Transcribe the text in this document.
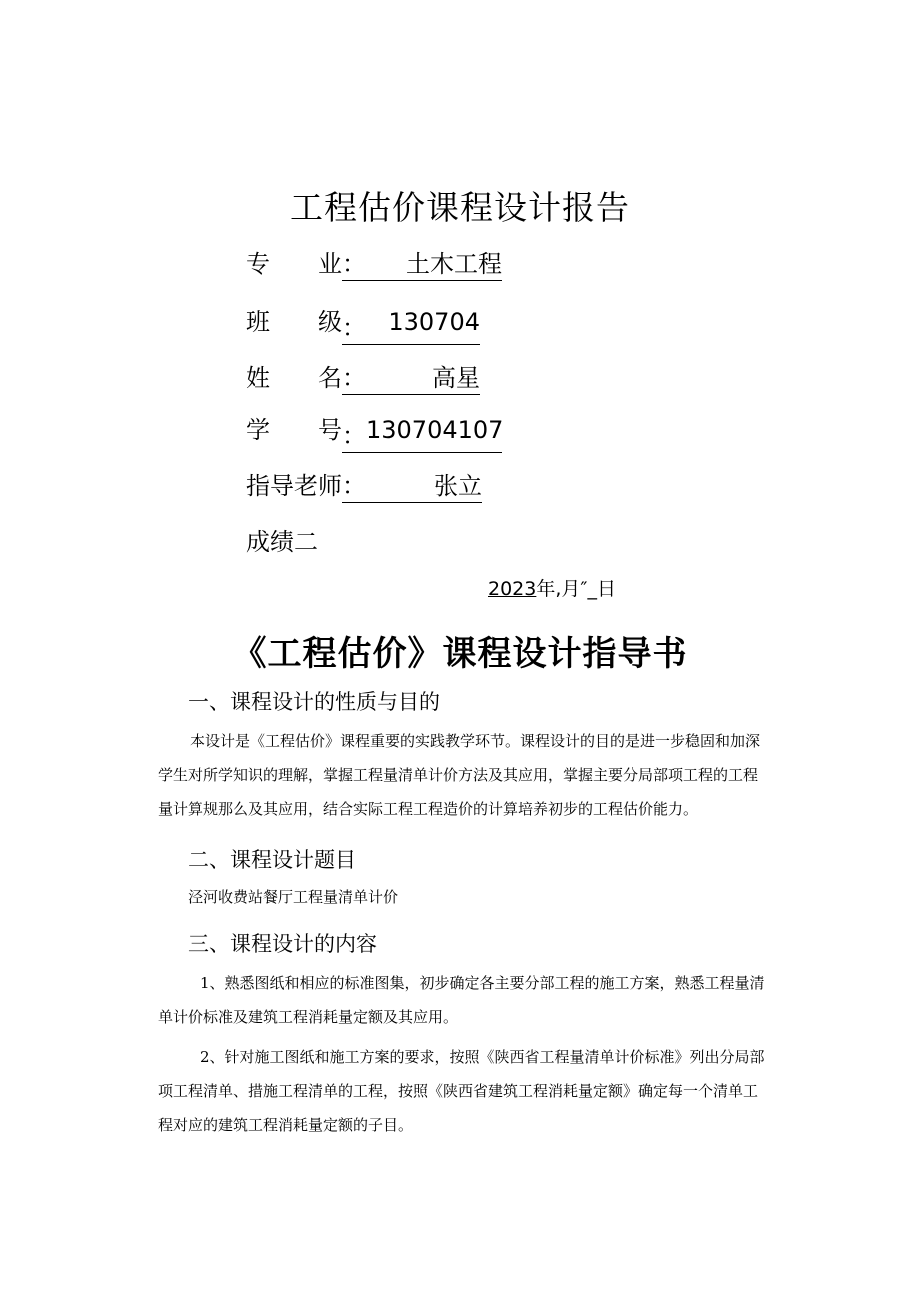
工程估价课程设计报告
专 业 ： 土木工程
班 级 ： 130704
姓 名 ：	高星
学 号 ： 130704107
指导老师 ：	张立
成绩二
2023年,月″_日
《工程估价》课程设计指导书
一、课程设计的性质与目的
本设计是《工程估价》课程重要的实践教学环节。课程设计的目的是进一步稳固和加深学生对所学知识的理解，掌握工程量清单计价方法及其应用，掌握主要分局部项工程的工程量计算规那么及其应用，结合实际工程工程造价的计算培养初步的工程估价能力。
二、课程设计题目
泾河收费站餐厅工程量清单计价
三、课程设计的内容
1、熟悉图纸和相应的标准图集，初步确定各主要分部工程的施工方案，熟悉工程量清单计价标准及建筑工程消耗量定额及其应用。
2、针对施工图纸和施工方案的要求，按照《陕西省工程量清单计价标准》列出分局部项工程清单、措施工程清单的工程，按照《陕西省建筑工程消耗量定额》确定每一个清单工程对应的建筑工程消耗量定额的子目。
